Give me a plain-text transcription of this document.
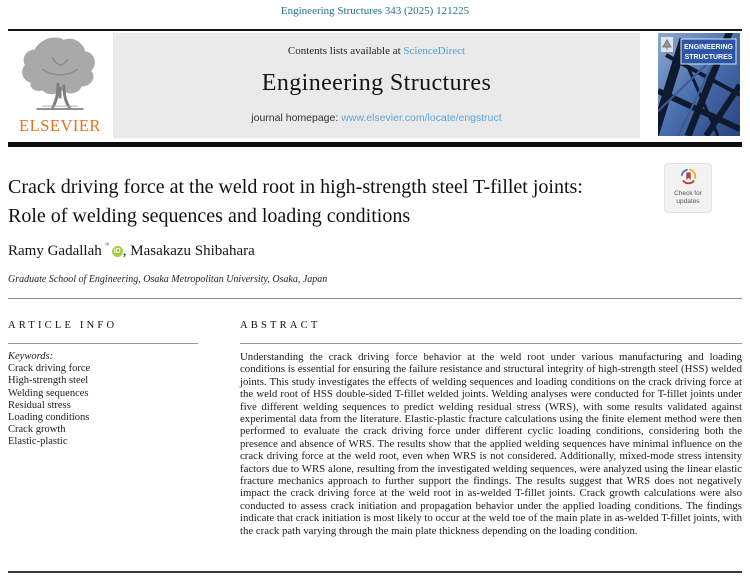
Engineering Structures 343 (2025) 121225
ELSEVIER
Contents lists available at ScienceDirect
Engineering Structures
journal homepage: www.elsevier.com/locate/engstruct
ENGINEERING
STRUCTURES
Crack driving force at the weld root in high-strength steel T-fillet joints:
Role of welding sequences and loading conditions
Check for
updates
Ramy Gadallah * iD , Masakazu Shibahara
Graduate School of Engineering, Osaka Metropolitan University, Osaka, Japan
ARTICLE INFO
Keywords:
Crack driving force
High-strength steel
Welding sequences
Residual stress
Loading conditions
Crack growth
Elastic-plastic
ABSTRACT
Understanding the crack driving force behavior at the weld root under various manufacturing and loading conditions is essential for ensuring the failure resistance and structural integrity of high-strength steel (HSS) welded joints. This study investigates the effects of welding sequences and loading conditions on the crack driving force at the weld root of HSS double-sided T-fillet welded joints. Welding analyses were conducted for T-fillet joints under five different welding sequences to predict welding residual stress (WRS), with some results validated against experimental data from the literature. Elastic-plastic fracture calculations using the finite element method were then performed to evaluate the crack driving force under different cyclic loading conditions, considering both the presence and absence of WRS. The results show that the applied welding sequences have minimal influence on the crack driving force at the weld root, even when WRS is not considered. Additionally, mixed-mode stress intensity factors due to WRS alone, resulting from the investigated welding sequences, were analyzed using the linear elastic fracture mechanics approach to further support the findings. The results suggest that WRS does not negatively impact the crack driving force at the weld root in as-welded T-fillet joints. Crack growth calculations were also conducted to assess crack initiation and propagation behavior under the applied loading conditions. The findings indicate that crack initiation is most likely to occur at the weld toe of the main plate in as-welded T-fillet joints, with the crack path varying through the main plate thickness depending on the loading condition.
